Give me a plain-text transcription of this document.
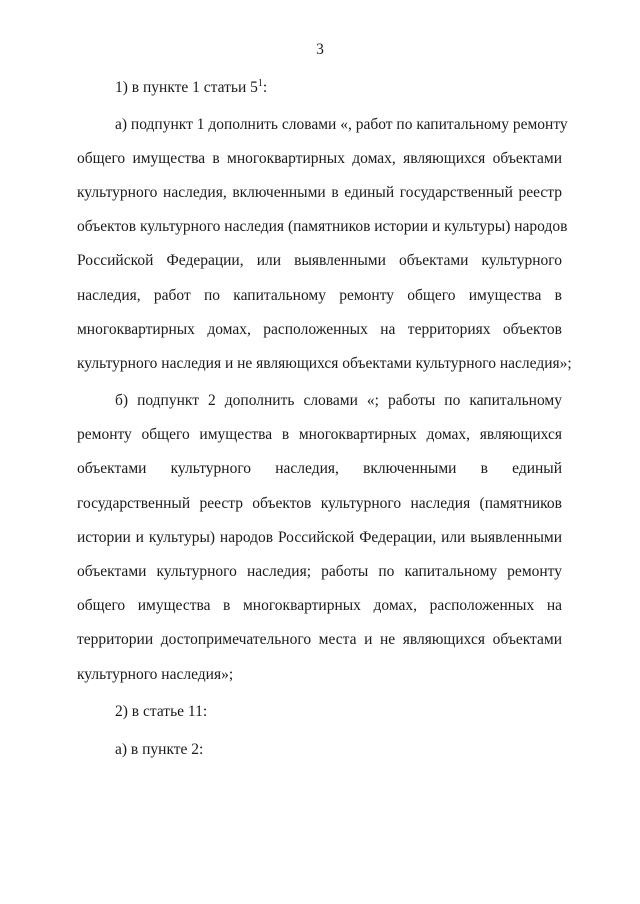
3
1) в пункте 1 статьи $5^1$:
а) подпункт 1 дополнить словами «, работ по капитальному ремонту
общего имущества в многоквартирных домах, являющихся объектами
культурного наследия, включенными в единый государственный реестр
объектов культурного наследия (памятников истории и культуры) народов
Российской Федерации, или выявленными объектами культурного
наследия, работ по капитальному ремонту общего имущества в
многоквартирных домах, расположенных на территориях объектов
культурного наследия и не являющихся объектами культурного наследия»;
б) подпункт 2 дополнить словами «; работы по капитальному
ремонту общего имущества в многоквартирных домах, являющихся
объектами культурного наследия, включенными в единый
государственный реестр объектов культурного наследия (памятников
истории и культуры) народов Российской Федерации, или выявленными
объектами культурного наследия; работы по капитальному ремонту
общего имущества в многоквартирных домах, расположенных на
территории достопримечательного места и не являющихся объектами
культурного наследия»;
2) в статье 11:
а) в пункте 2:
